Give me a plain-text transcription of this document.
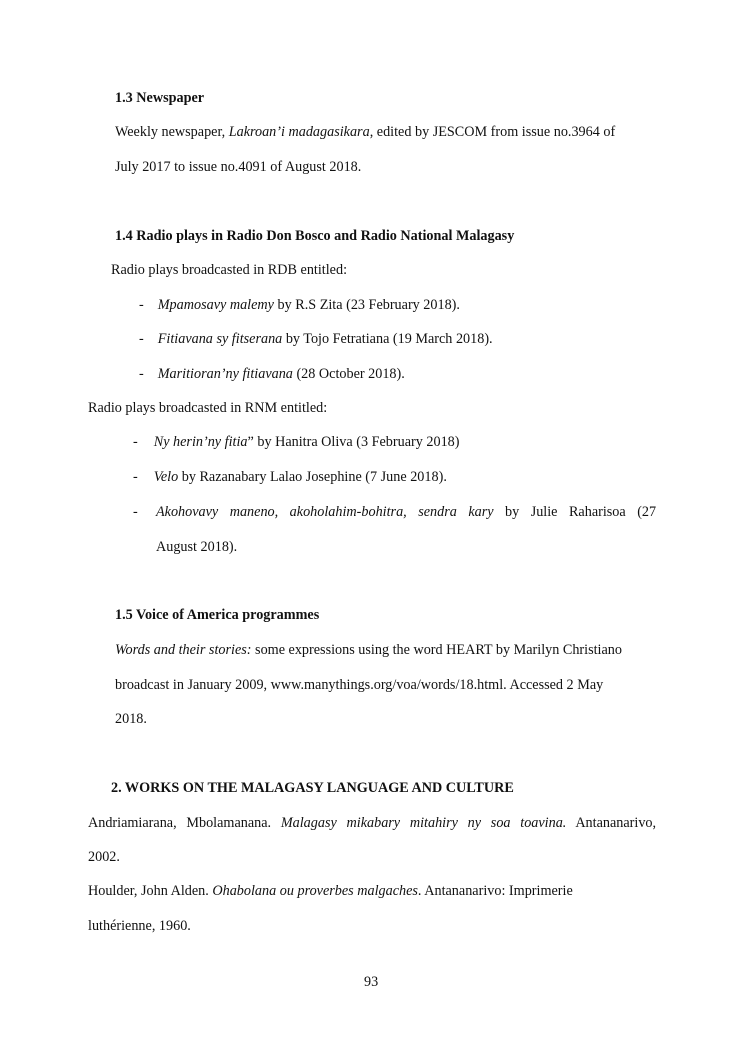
1.3 Newspaper
Weekly newspaper, Lakroan’i madagasikara, edited by JESCOM from issue no.3964 of
July 2017 to issue no.4091 of August 2018.
1.4 Radio plays in Radio Don Bosco and Radio National Malagasy
Radio plays broadcasted in RDB entitled:
- Mpamosavy malemy by R.S Zita (23 February 2018).
- Fitiavana sy fitserana by Tojo Fetratiana (19 March 2018).
- Maritioran’ny fitiavana (28 October 2018).
Radio plays broadcasted in RNM entitled:
- Ny herin’ny fitia” by Hanitra Oliva (3 February 2018)
- Velo by Razanabary Lalao Josephine (7 June 2018).
- Akohovavy maneno, akoholahim-bohitra, sendra kary by Julie Raharisoa (27
August 2018).
1.5 Voice of America programmes
Words and their stories: some expressions using the word HEART by Marilyn Christiano
broadcast in January 2009, www.manythings.org/voa/words/18.html. Accessed 2 May
2018.
2. WORKS ON THE MALAGASY LANGUAGE AND CULTURE
Andriamiarana, Mbolamanana. Malagasy mikabary mitahiry ny soa toavina. Antananarivo,
2002.
Houlder, John Alden. Ohabolana ou proverbes malgaches. Antananarivo: Imprimerie
luthérienne, 1960.
93
